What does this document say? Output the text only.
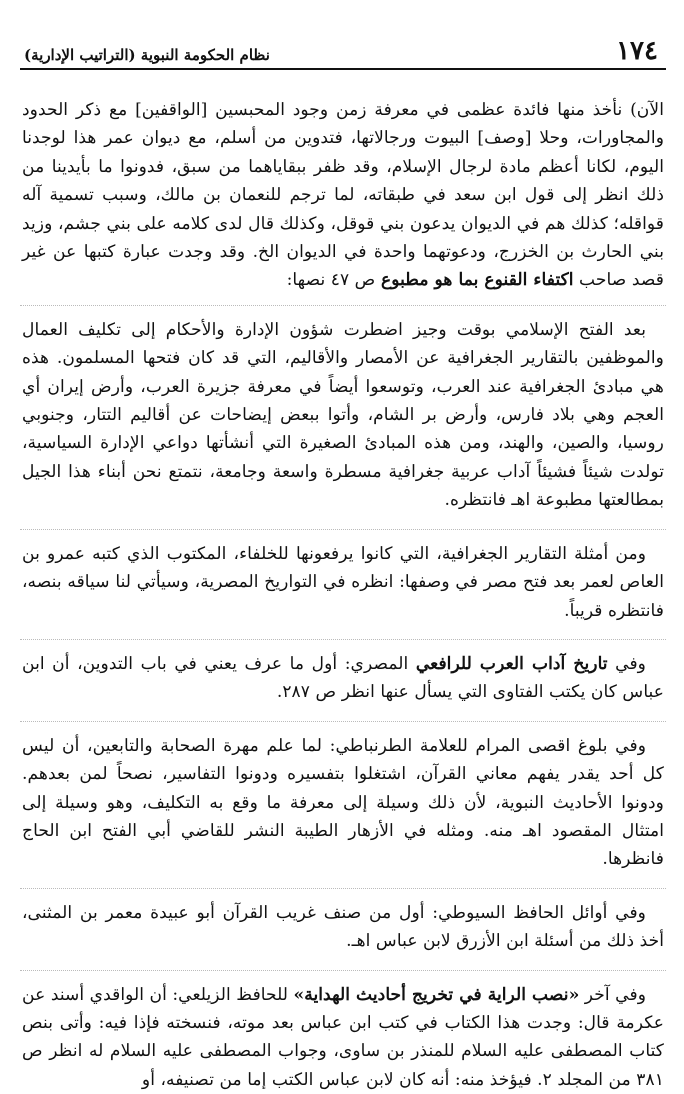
١٧٤
نظام الحكومة النبوية (التراتيب الإدارية)

الآن) نأخذ منها فائدة عظمى في معرفة زمن وجود المحبسين [الواقفين] مع ذكر الحدود والمجاورات، وحلا [وصف] البيوت ورجالاتها، فتدوين من أسلم، مع ديوان عمر هذا لوجدنا اليوم، لكانا أعظم مادة لرجال الإسلام، وقد ظفر ببقاياهما من سبق، فدونوا ما بأيدينا من ذلك انظر إلى قول ابن سعد في طبقاته، لما ترجم للنعمان بن مالك، وسبب تسمية آله قواقله؛ كذلك هم في الديوان يدعون بني قوقل، وكذلك قال لدى كلامه على بني جشم، وزيد بني الحارث بن الخزرج، ودعوتهما واحدة في الديوان الخ. وقد وجدت عبارة كتبها عن غير قصد صاحب اكتفاء القنوع بما هو مطبوع ص ٤٧ نصها:

بعد الفتح الإسلامي بوقت وجيز اضطرت شؤون الإدارة والأحكام إلى تكليف العمال والموظفين بالتقارير الجغرافية عن الأمصار والأقاليم، التي قد كان فتحها المسلمون. هذه هي مبادئ الجغرافية عند العرب، وتوسعوا أيضاً في معرفة جزيرة العرب، وأرض إيران أي العجم وهي بلاد فارس، وأرض بر الشام، وأتوا ببعض إيضاحات عن أقاليم التتار، وجنوبي روسيا، والصين، والهند، ومن هذه المبادئ الصغيرة التي أنشأتها دواعي الإدارة السياسية، تولدت شيئاً فشيئاً آداب عربية جغرافية مسطرة واسعة وجامعة، نتمتع نحن أبناء هذا الجيل بمطالعتها مطبوعة اهـ فانتظره.

ومن أمثلة التقارير الجغرافية، التي كانوا يرفعونها للخلفاء، المكتوب الذي كتبه عمرو بن العاص لعمر بعد فتح مصر في وصفها: انظره في التواريخ المصرية، وسيأتي لنا سياقه بنصه، فانتظره قريباً.

وفي تاريخ آداب العرب للرافعي المصري: أول ما عرف يعني في باب التدوين، أن ابن عباس كان يكتب الفتاوى التي يسأل عنها انظر ص ٢٨٧.

وفي بلوغ اقصى المرام للعلامة الطرنباطي: لما علم مهرة الصحابة والتابعين، أن ليس كل أحد يقدر يفهم معاني القرآن، اشتغلوا بتفسيره ودونوا التفاسير، نصحاً لمن بعدهم. ودونوا الأحاديث النبوية، لأن ذلك وسيلة إلى معرفة ما وقع به التكليف، وهو وسيلة إلى امتثال المقصود اهـ منه. ومثله في الأزهار الطيبة النشر للقاضي أبي الفتح ابن الحاج فانظرها.

وفي أوائل الحافظ السيوطي: أول من صنف غريب القرآن أبو عبيدة معمر بن المثنى، أخذ ذلك من أسئلة ابن الأزرق لابن عباس اهـ.

وفي آخر «نصب الراية في تخريج أحاديث الهداية» للحافظ الزيلعي: أن الواقدي أسند عن عكرمة قال: وجدت هذا الكتاب في كتب ابن عباس بعد موته، فنسخته فإذا فيه: وأتى بنص كتاب المصطفى عليه السلام للمنذر بن ساوى، وجواب المصطفى عليه السلام له انظر ص ٣٨١ من المجلد ٢. فيؤخذ منه: أنه كان لابن عباس الكتب إما من تصنيفه، أو
